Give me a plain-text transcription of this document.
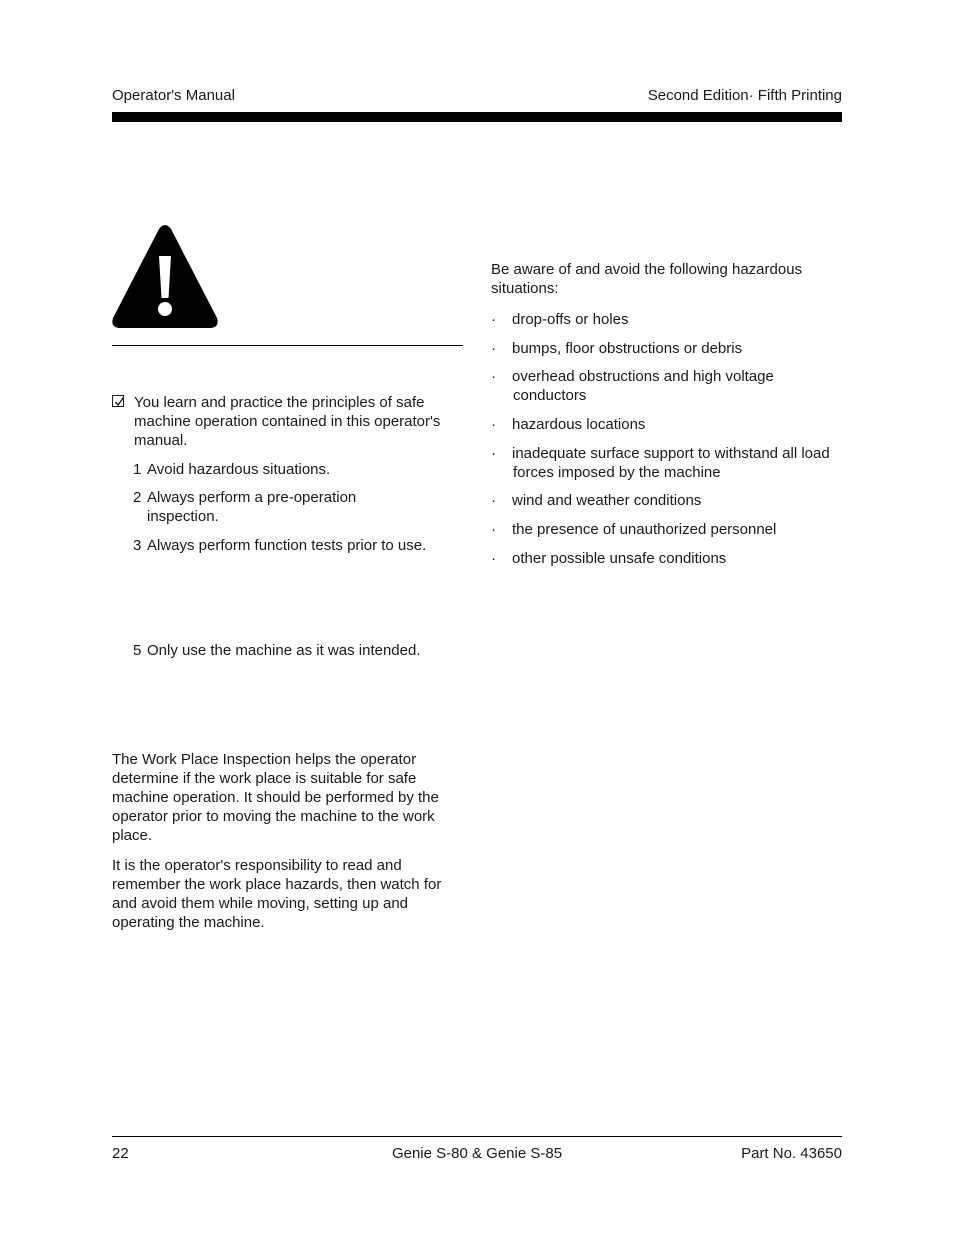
Operator's Manual	Second Edition· Fifth Printing
You learn and practice the principles of safe machine operation contained in this operator's manual.
1 Avoid hazardous situations.
2 Always perform a pre-operation inspection.
3 Always perform function tests prior to use.
5 Only use the machine as it was intended.
The Work Place Inspection helps the operator determine if the work place is suitable for safe machine operation. It should be performed by the operator prior to moving the machine to the work place.
It is the operator's responsibility to read and remember the work place hazards, then watch for and avoid them while moving, setting up and operating the machine.
Be aware of and avoid the following hazardous situations:
·	drop-offs or holes
·	bumps, floor obstructions or debris
·	overhead obstructions and high voltage
conductors
·	hazardous locations
·	inadequate surface support to withstand all load
forces imposed by the machine
·	wind and weather conditions
·	the presence of unauthorized personnel
·	other possible unsafe conditions
22	Genie S-80 & Genie S-85	Part No. 43650
